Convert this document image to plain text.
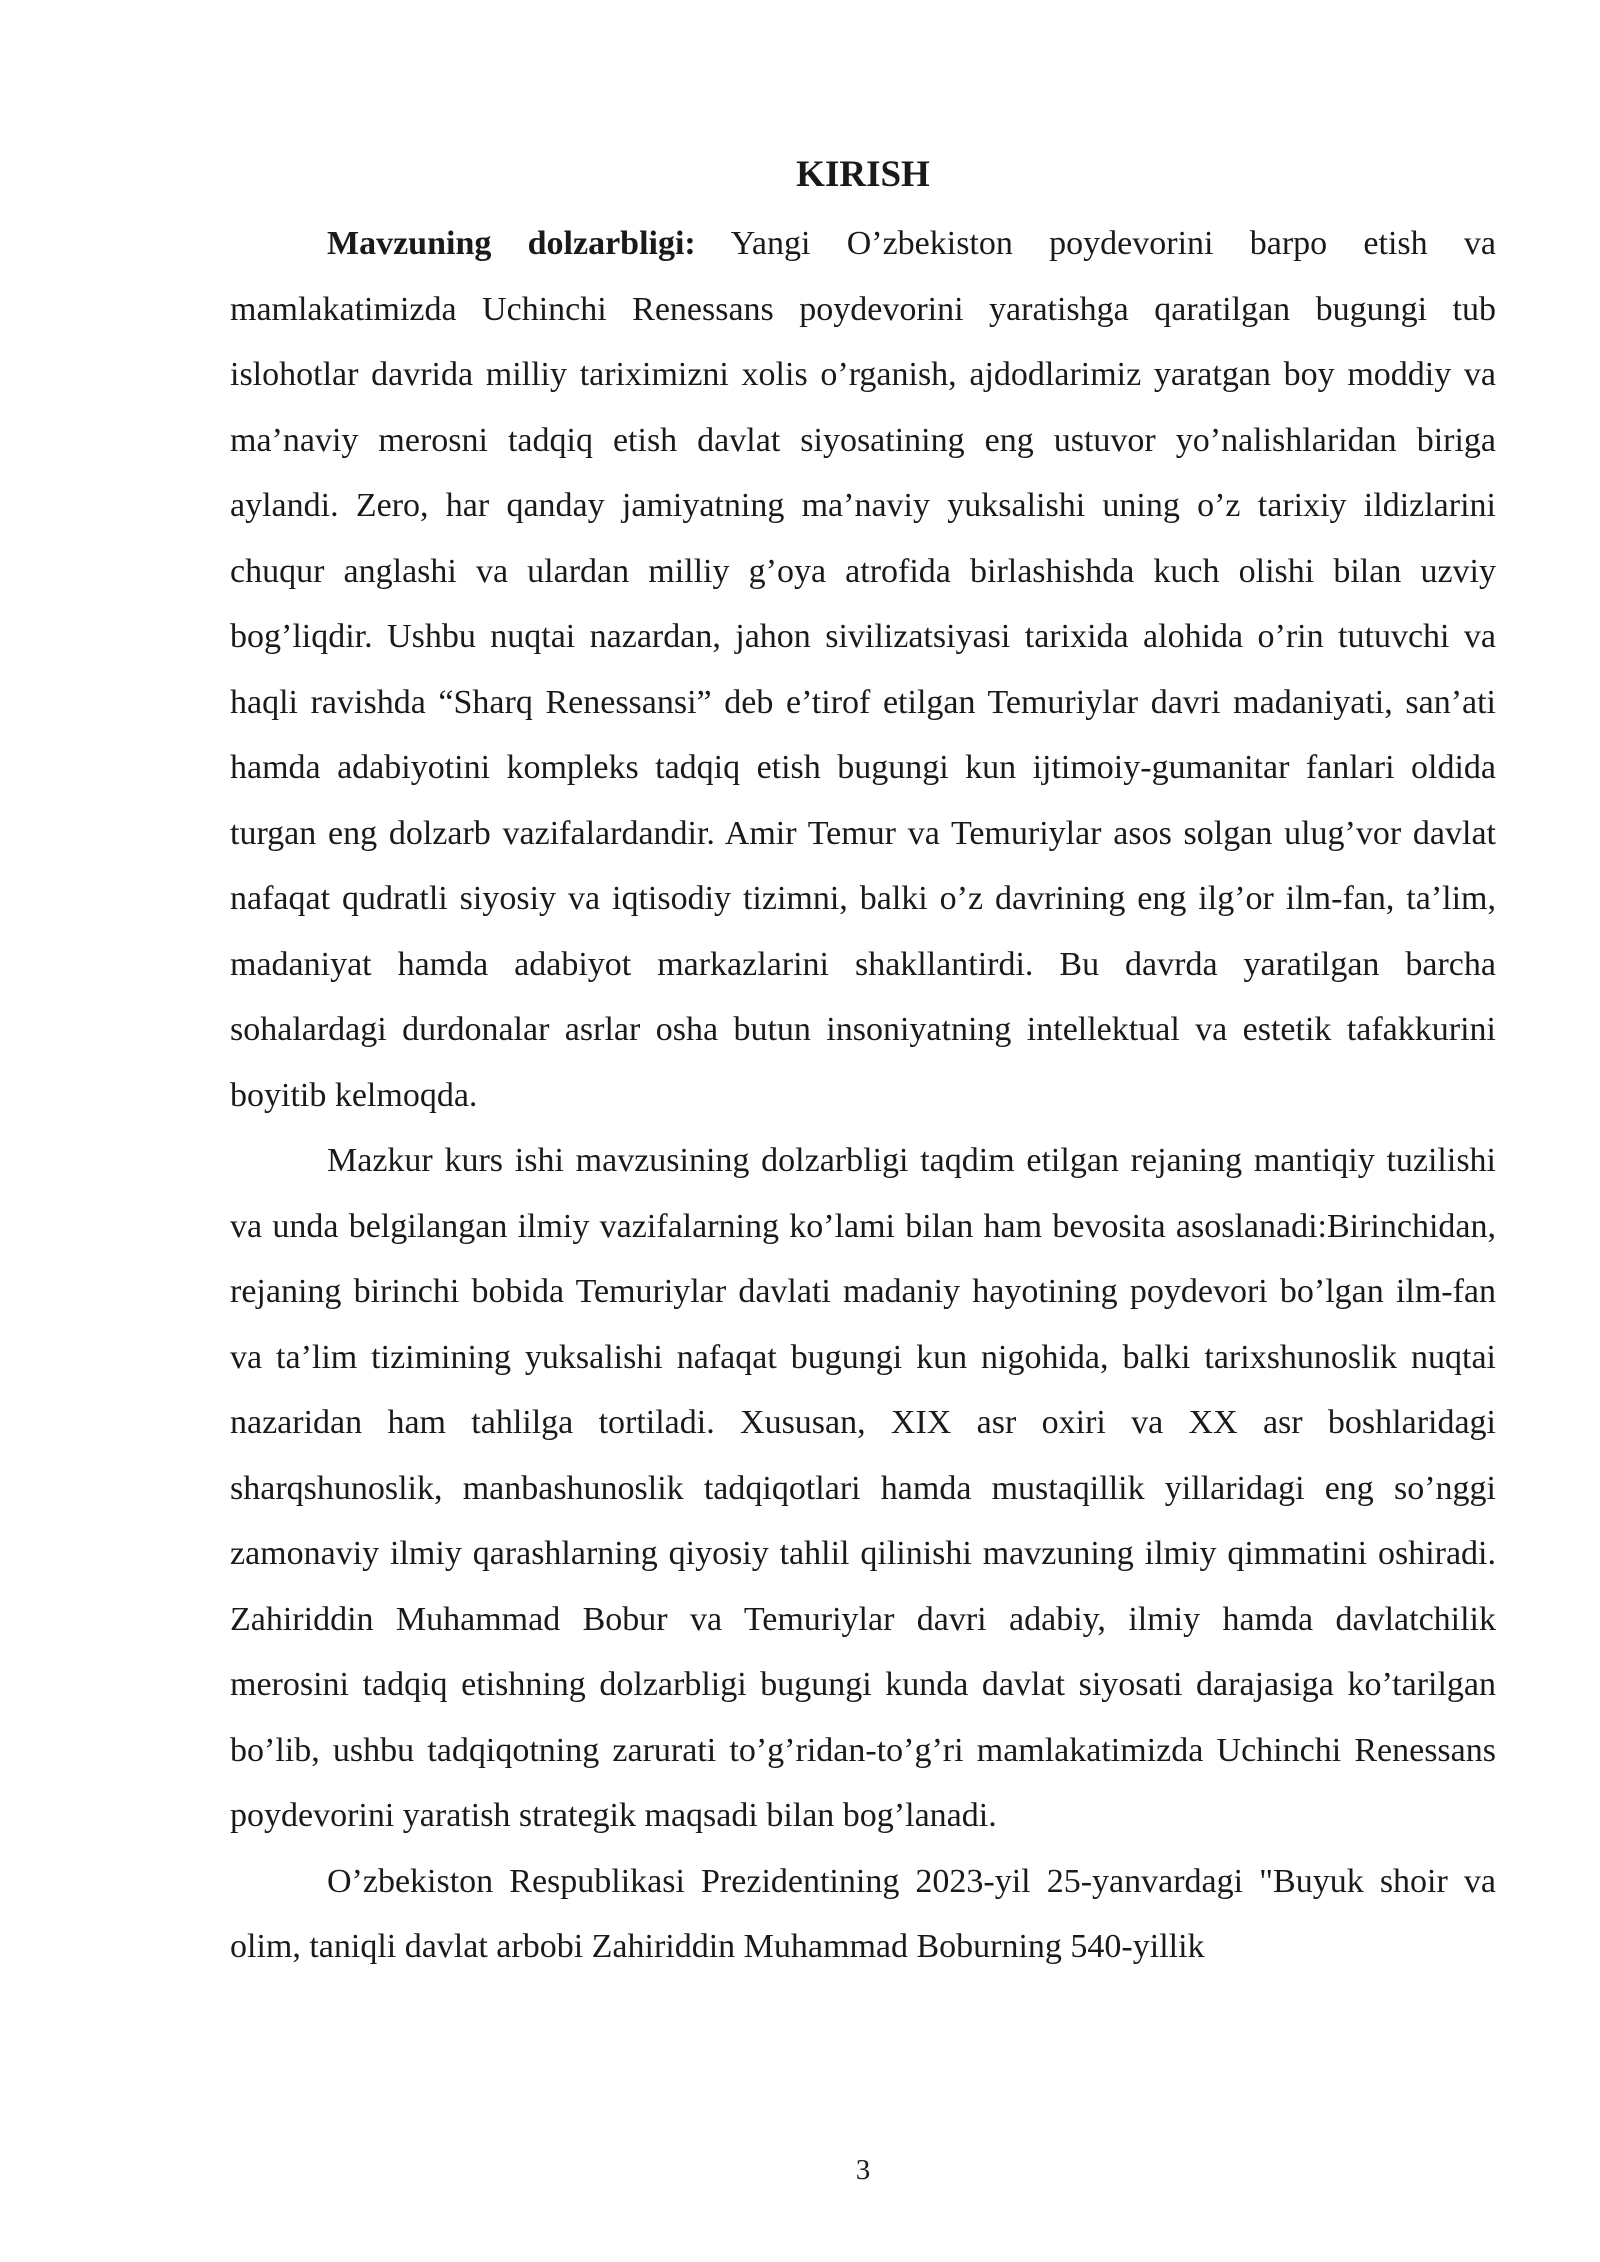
KIRISH

Mavzuning dolzarbligi: Yangi O’zbekiston poydevorini barpo etish va mamlakatimizda Uchinchi Renessans poydevorini yaratishga qaratilgan bugungi tub islohotlar davrida milliy tariximizni xolis o’rganish, ajdodlarimiz yaratgan boy moddiy va ma’naviy merosni tadqiq etish davlat siyosatining eng ustuvor yo’nalishlaridan biriga aylandi. Zero, har qanday jamiyatning ma’naviy yuksalishi uning o’z tarixiy ildizlarini chuqur anglashi va ulardan milliy g’oya atrofida birlashishda kuch olishi bilan uzviy bog’liqdir. Ushbu nuqtai nazardan, jahon sivilizatsiyasi tarixida alohida o’rin tutuvchi va haqli ravishda “Sharq Renessansi” deb e’tirof etilgan Temuriylar davri madaniyati, san’ati hamda adabiyotini kompleks tadqiq etish bugungi kun ijtimoiy-gumanitar fanlari oldida turgan eng dolzarb vazifalardandir. Amir Temur va Temuriylar asos solgan ulug’vor davlat nafaqat qudratli siyosiy va iqtisodiy tizimni, balki o’z davrining eng ilg’or ilm-fan, ta’lim, madaniyat hamda adabiyot markazlarini shakllantirdi. Bu davrda yaratilgan barcha sohalardagi durdonalar asrlar osha butun insoniyatning intellektual va estetik tafakkurini boyitib kelmoqda.

Mazkur kurs ishi mavzusining dolzarbligi taqdim etilgan rejaning mantiqiy tuzilishi va unda belgilangan ilmiy vazifalarning ko’lami bilan ham bevosita asoslanadi:Birinchidan, rejaning birinchi bobida Temuriylar davlati madaniy hayotining poydevori bo’lgan ilm-fan va ta’lim tizimining yuksalishi nafaqat bugungi kun nigohida, balki tarixshunoslik nuqtai nazaridan ham tahlilga tortiladi. Xususan, XIX asr oxiri va XX asr boshlaridagi sharqshunoslik, manbashunoslik tadqiqotlari hamda mustaqillik yillaridagi eng so’nggi zamonaviy ilmiy qarashlarning qiyosiy tahlil qilinishi mavzuning ilmiy qimmatini oshiradi. Zahiriddin Muhammad Bobur va Temuriylar davri adabiy, ilmiy hamda davlatchilik merosini tadqiq etishning dolzarbligi bugungi kunda davlat siyosati darajasiga ko’tarilgan bo’lib, ushbu tadqiqotning zarurati to’g’ridan-to’g’ri mamlakatimizda Uchinchi Renessans poydevorini yaratish strategik maqsadi bilan bog’lanadi.

O’zbekiston Respublikasi Prezidentining 2023-yil 25-yanvardagi "Buyuk shoir va olim, taniqli davlat arbobi Zahiriddin Muhammad Boburning 540-yillik

3
